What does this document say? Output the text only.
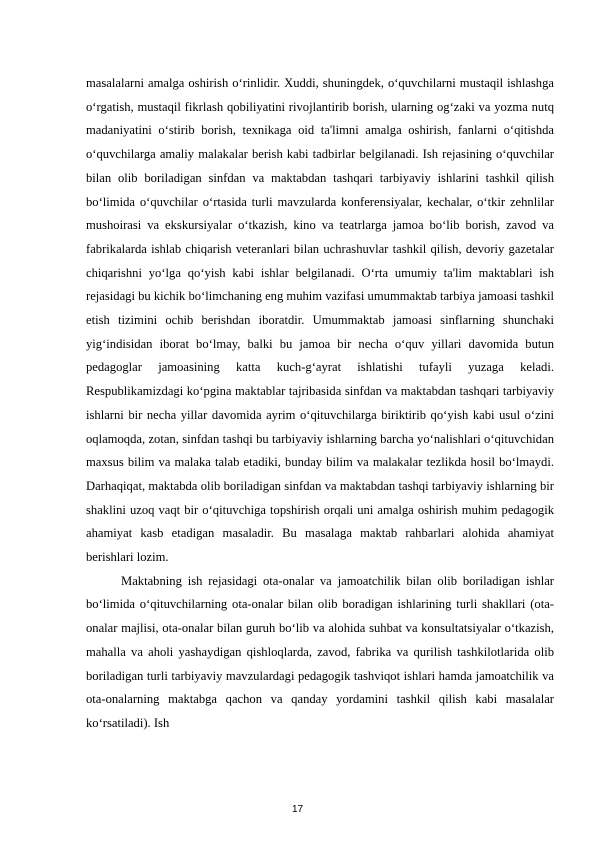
masalalarni amalga oshirish o‘rinlidir. Xuddi, shuningdek, o‘quvchilarni mustaqil ishlashga o‘rgatish, mustaqil fikrlash qobiliyatini rivojlantirib borish, ularning og‘zaki va yozma nutq madaniyatini o‘stirib borish, texnikaga oid ta'limni amalga oshirish, fanlarni o‘qitishda o‘quvchilarga amaliy malakalar berish kabi tadbirlar belgilanadi. Ish rejasining o‘quvchilar bilan olib boriladigan sinfdan va maktabdan tashqari tarbiyaviy ishlarini tashkil qilish bo‘limida o‘quvchilar o‘rtasida turli mavzularda konferensiyalar, kechalar, o‘tkir zehnlilar mushoirasi va ekskursiyalar o‘tkazish, kino va teatrlarga jamoa bo‘lib borish, zavod va fabrikalarda ishlab chiqarish veteranlari bilan uchrashuvlar tashkil qilish, devoriy gazetalar chiqarishni yo‘lga qo‘yish kabi ishlar belgilanadi. O‘rta umumiy ta'lim maktablari ish rejasidagi bu kichik bo‘limchaning eng muhim vazifasi umummaktab tarbiya jamoasi tashkil etish tizimini ochib berishdan iboratdir. Umummaktab jamoasi sinflarning shunchaki yig‘indisidan iborat bo‘lmay, balki bu jamoa bir necha o‘quv yillari davomida butun pedagoglar jamoasining katta kuch-g‘ayrat ishlatishi tufayli yuzaga keladi. Respublikamizdagi ko‘pgina maktablar tajribasida sinfdan va maktabdan tashqari tarbiyaviy ishlarni bir necha yillar davomida ayrim o‘qituvchilarga biriktirib qo‘yish kabi usul o‘zini oqlamoqda, zotan, sinfdan tashqi bu tarbiyaviy ishlarning barcha yo‘nalishlari o‘qituvchidan maxsus bilim va malaka talab etadiki, bunday bilim va malakalar tezlikda hosil bo‘lmaydi. Darhaqiqat, maktabda olib boriladigan sinfdan va maktabdan tashqi tarbiyaviy ishlarning bir shaklini uzoq vaqt bir o‘qituvchiga topshirish orqali uni amalga oshirish muhim pedagogik ahamiyat kasb etadigan masaladir. Bu masalaga maktab rahbarlari alohida ahamiyat berishlari lozim.

Maktabning ish rejasidagi ota-onalar va jamoatchilik bilan olib boriladigan ishlar bo‘limida o‘qituvchilarning ota-onalar bilan olib boradigan ishlarining turli shakllari (ota-onalar majlisi, ota-onalar bilan guruh bo‘lib va alohida suhbat va konsultatsiyalar o‘tkazish, mahalla va aholi yashaydigan qishloqlarda, zavod, fabrika va qurilish tashkilotlarida olib boriladigan turli tarbiyaviy mavzulardagi pedagogik tashviqot ishlari hamda jamoatchilik va ota-onalarning maktabga qachon va qanday yordamini tashkil qilish kabi masalalar ko‘rsatiladi). Ish

17
